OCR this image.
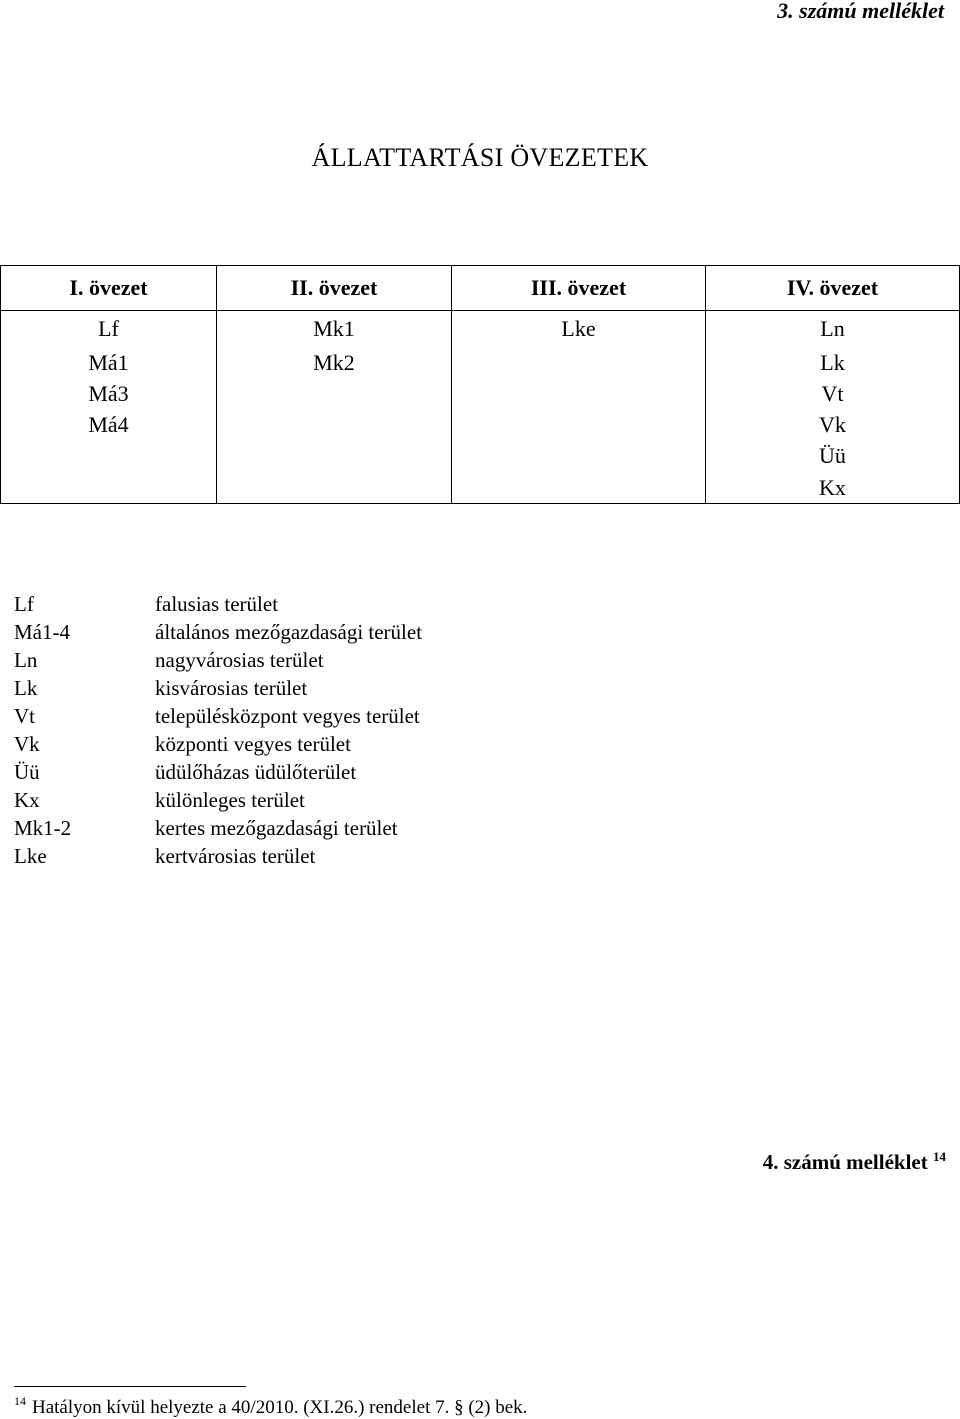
3. számú melléklet
ÁLLATTARTÁSI ÖVEZETEK
I. övezet	II. övezet	III. övezet	IV. övezet
Lf	Mk1	Lke	Ln
Má1	Mk2		Lk
Má3			Vt
Má4			Vk
			Üü
			Kx
Lf	falusias terület
Má1-4	általános mezőgazdasági terület
Ln	nagyvárosias terület
Lk	kisvárosias terület
Vt	településközpont vegyes terület
Vk	központi vegyes terület
Üü	üdülőházas üdülőterület
Kx	különleges terület
Mk1-2	kertes mezőgazdasági terület
Lke	kertvárosias terület
4. számú melléklet $^{14}$
$^{14}$ Hatályon kívül helyezte a 40/2010. (XI.26.) rendelet 7. § (2) bek.
